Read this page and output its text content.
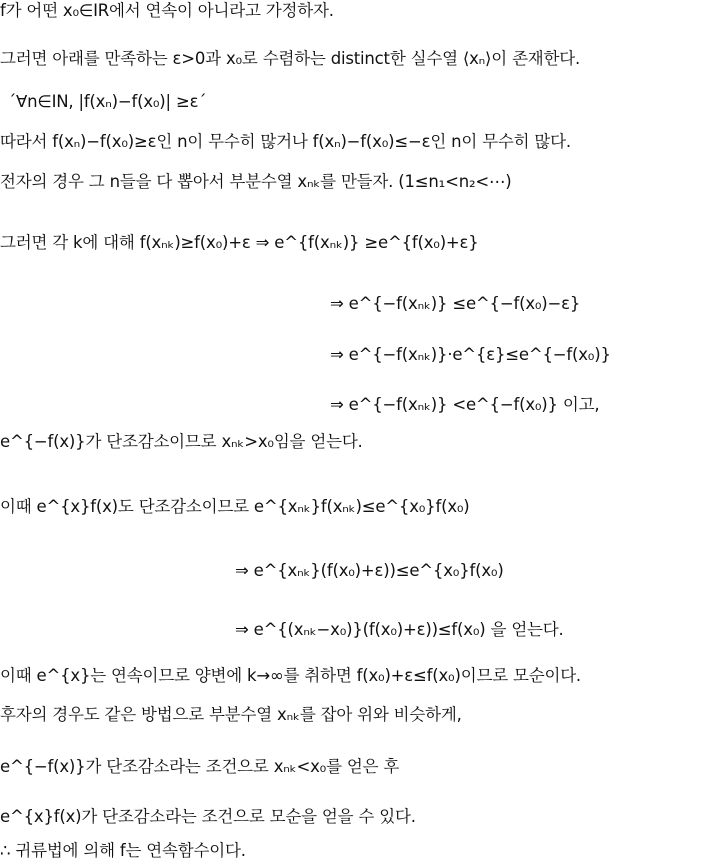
f가 어떤 x₀∈IR에서 연속이 아니라고 가정하자.
그러면 아래를 만족하는 ε>0과 x₀로 수렴하는 distinct한 실수열 ⟨xₙ⟩이 존재한다.
´∀n∈IN, |f(xₙ)−f(x₀)| ≥ε´
따라서 f(xₙ)−f(x₀)≥ε인 n이 무수히 많거나 f(xₙ)−f(x₀)≤−ε인 n이 무수히 많다.
전자의 경우 그 n들을 다 뽑아서 부분수열 xₙₖ를 만들자. (1≤n₁<n₂<⋯)
그러면 각 k에 대해 f(xₙₖ)≥f(x₀)+ε ⇒ e^{f(xₙₖ)} ≥e^{f(x₀)+ε}
⇒ e^{−f(xₙₖ)} ≤e^{−f(x₀)−ε}
⇒ e^{−f(xₙₖ)}·e^{ε}≤e^{−f(x₀)}
⇒ e^{−f(xₙₖ)} <e^{−f(x₀)} 이고,
e^{−f(x)}가 단조감소이므로 xₙₖ>x₀임을 얻는다.
이때 e^{x}f(x)도 단조감소이므로 e^{xₙₖ}f(xₙₖ)≤e^{x₀}f(x₀)
⇒ e^{xₙₖ}(f(x₀)+ε))≤e^{x₀}f(x₀)
⇒ e^{(xₙₖ−x₀)}(f(x₀)+ε))≤f(x₀) 을 얻는다.
이때 e^{x}는 연속이므로 양변에 k→∞를 취하면 f(x₀)+ε≤f(x₀)이므로 모순이다.
후자의 경우도 같은 방법으로 부분수열 xₙₖ를 잡아 위와 비슷하게,
e^{−f(x)}가 단조감소라는 조건으로 xₙₖ<x₀를 얻은 후
e^{x}f(x)가 단조감소라는 조건으로 모순을 얻을 수 있다.
∴ 귀류법에 의해 f는 연속함수이다.
